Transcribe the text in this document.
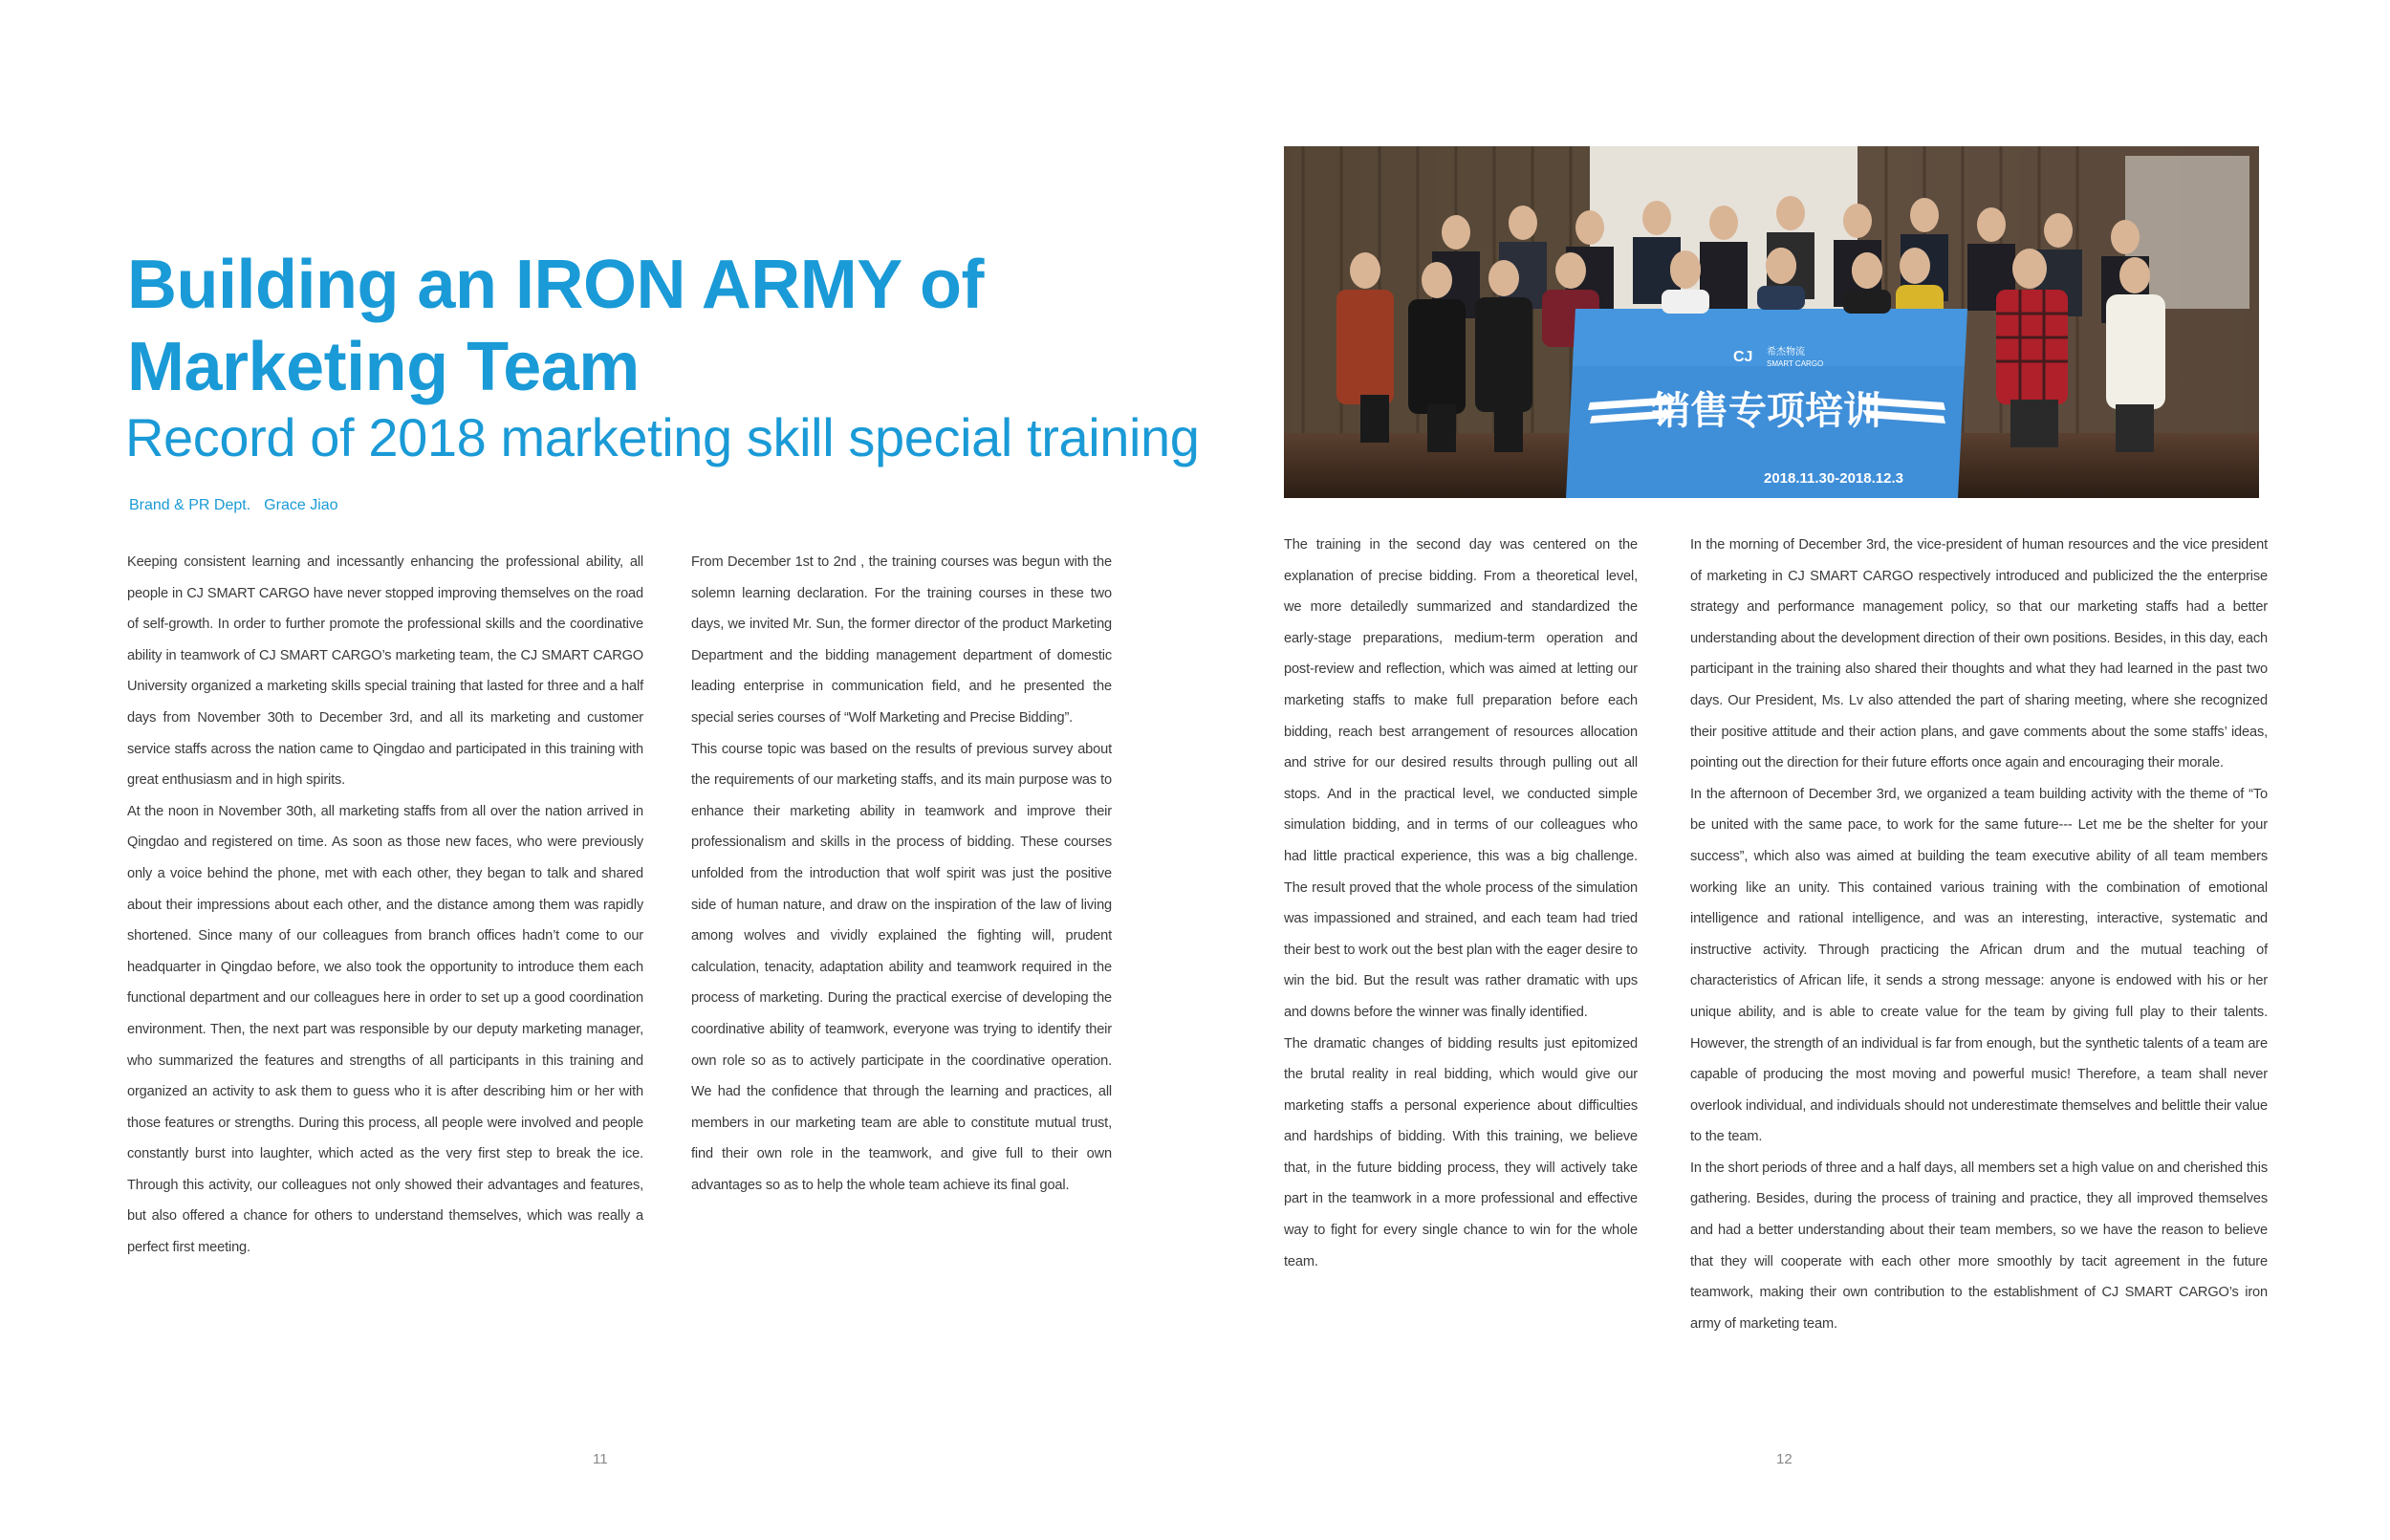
Building an IRON ARMY of
Marketing Team
Record of 2018 marketing skill special training
Brand & PR Dept. Grace Jiao

Keeping consistent learning and incessantly enhancing the professional ability, all people in CJ SMART CARGO have never stopped improving themselves on the road of self-growth. In order to further promote the professional skills and the coordinative ability in teamwork of CJ SMART CARGO’s marketing team, the CJ SMART CARGO University organized a marketing skills special training that lasted for three and a half days from November 30th to December 3rd, and all its marketing and customer service staffs across the nation came to Qingdao and participated in this training with great enthusiasm and in high spirits.

At the noon in November 30th, all marketing staffs from all over the nation arrived in Qingdao and registered on time. As soon as those new faces, who were previously only a voice behind the phone, met with each other, they began to talk and shared about their impressions about each other, and the distance among them was rapidly shortened. Since many of our colleagues from branch offices hadn’t come to our headquarter in Qingdao before, we also took the opportunity to introduce them each functional department and our colleagues here in order to set up a good coordination environment. Then, the next part was responsible by our deputy marketing manager, who summarized the features and strengths of all participants in this training and organized an activity to ask them to guess who it is after describing him or her with those features or strengths. During this process, all people were involved and people constantly burst into laughter, which acted as the very first step to break the ice. Through this activity, our colleagues not only showed their advantages and features, but also offered a chance for others to understand themselves, which was really a perfect first meeting.

From December 1st to 2nd , the training courses was begun with the solemn learning declaration. For the training courses in these two days, we invited Mr. Sun, the former director of the product Marketing Department and the bidding management department of domestic leading enterprise in communication field, and he presented the special series courses of “Wolf Marketing and Precise Bidding”.

This course topic was based on the results of previous survey about the requirements of our marketing staffs, and its main purpose was to enhance their marketing ability in teamwork and improve their professionalism and skills in the process of bidding. These courses unfolded from the introduction that wolf spirit was just the positive side of human nature, and draw on the inspiration of the law of living among wolves and vividly explained the fighting will, prudent calculation, tenacity, adaptation ability and teamwork required in the process of marketing. During the practical exercise of developing the coordinative ability of teamwork, everyone was trying to identify their own role so as to actively participate in the coordinative operation. We had the confidence that through the learning and practices, all members in our marketing team are able to constitute mutual trust, find their own role in the teamwork, and give full to their own advantages so as to help the whole team achieve its final goal.

11
CJ 希杰物流
SMART CARGO
销售专项培训
2018.11.30-2018.12.3

The training in the second day was centered on the explanation of precise bidding. From a theoretical level, we more detailedly summarized and standardized the early-stage preparations, medium-term operation and post-review and reflection, which was aimed at letting our marketing staffs to make full preparation before each bidding, reach best arrangement of resources allocation and strive for our desired results through pulling out all stops. And in the practical level, we conducted simple simulation bidding, and in terms of our colleagues who had little practical experience, this was a big challenge. The result proved that the whole process of the simulation was impassioned and strained, and each team had tried their best to work out the best plan with the eager desire to win the bid. But the result was rather dramatic with ups and downs before the winner was finally identified.

The dramatic changes of bidding results just epitomized the brutal reality in real bidding, which would give our marketing staffs a personal experience about difficulties and hardships of bidding. With this training, we believe that, in the future bidding process, they will actively take part in the teamwork in a more professional and effective way to fight for every single chance to win for the whole team.

In the morning of December 3rd, the vice-president of human resources and the vice president of marketing in CJ SMART CARGO respectively introduced and publicized the the enterprise strategy and performance management policy, so that our marketing staffs had a better understanding about the development direction of their own positions. Besides, in this day, each participant in the training also shared their thoughts and what they had learned in the past two days. Our President, Ms. Lv also attended the part of sharing meeting, where she recognized their positive attitude and their action plans, and gave comments about the some staffs’ ideas, pointing out the direction for their future efforts once again and encouraging their morale.

In the afternoon of December 3rd, we organized a team building activity with the theme of “To be united with the same pace, to work for the same future--- Let me be the shelter for your success”, which also was aimed at building the team executive ability of all team members working like an unity. This contained various training with the combination of emotional intelligence and rational intelligence, and was an interesting, interactive, systematic and instructive activity. Through practicing the African drum and the mutual teaching of characteristics of African life, it sends a strong message: anyone is endowed with his or her unique ability, and is able to create value for the team by giving full play to their talents. However, the strength of an individual is far from enough, but the synthetic talents of a team are capable of producing the most moving and powerful music! Therefore, a team shall never overlook individual, and individuals should not underestimate themselves and belittle their value to the team.

In the short periods of three and a half days, all members set a high value on and cherished this gathering. Besides, during the process of training and practice, they all improved themselves and had a better understanding about their team members, so we have the reason to believe that they will cooperate with each other more smoothly by tacit agreement in the future teamwork, making their own contribution to the establishment of CJ SMART CARGO’s iron army of marketing team.

12
